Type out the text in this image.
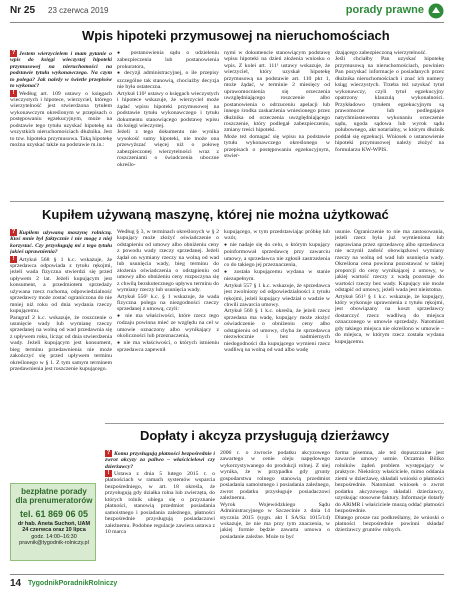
Nr 25 23 czerwca 2019	porady prawne
Wpis hipoteki przymusowej na nieruchomościach

? Jestem wierzycielem i mam pytanie o wpis do księgi wieczystej hipoteki przymusowej na nieruchomości na podstawie tytułu wykonawczego. Na czym to polega? Jak należy w świetle przepisów to wykonać?

! Według art. 109 ustawy o księgach wieczystych i hipotece, wierzyciel, którego wierzytelność jest stwierdzona tytułem wykonawczym określonym w przepisach o postępowaniu egzekucyjnym, może na podstawie tego tytułu uzyskać hipotekę na wszystkich nieruchomościach dłużnika. Jest to tzw. hipoteka przymusowa. Taką hipotekę można uzyskać także na podstawie m.in.:

● postanowienia sądu o udzieleniu zabezpieczenia lub postanowienia prokuratora,

● decyzji administracyjnej, o ile przepisy szczególne tak stanowią, chociażby decyzja nie była ostateczna.

Artykuł 110¹ ustawy o księgach wieczystych i hipotece wskazuje, że wierzyciel może żądać wpisu hipoteki przymusowej na podstawie tytułu wykonawczego i tytułu dokumentu stanowiącego podstawę wpisu do księgi wieczystej.

Jeżeli z tego dokumentu nie wynika wysokość sumy hipoteki, nie może ona przewyższać więcej niż o połowę zabezpieczonej wierzytelności wraz z roszczeniami o świadczenia uboczne określo-

nymi w dokumencie stanowiącym podstawę wpisu hipoteki na dzień złożenia wniosku o wpis. Z kolei art. 111¹ ustawy wskazuje, że wierzyciel, który uzyskał hipotekę przymusową na podstawie art. 110 pkt 1, może żądać, w terminie 2 miesięcy od uprawomocnienia się orzeczenia uwzględniającego roszczenie albo postanowienia o odrzuceniu apelacji lub innego środka zaskarżenia wniesionego przez dłużnika od orzeczenia uwzględniającego roszczenie, który podlegał zabezpieczeniu, zmiany treści hipoteki.

Może też domagać się wpisu na podstawie tytułu wykonawczego określonego w przepisach o postępowaniu egzekucyjnym, stwier-

dzającego zabezpieczoną wierzytelność.

Jeśli chciałby Pan uzyskać hipotekę przymusową na nieruchomościach, powinien Pan pozyskać informacje o posiadanych przez dłużnika nieruchomościach i znać ich numery ksiąg wieczystych. Trzeba też uzyskać tytuł wykonawczy, czyli tytuł egzekucyjny opatrzony klauzulą wykonalności. Przykładowo tytułem egzekucyjnym są prawomocne lub podlegające natychmiastowemu wykonaniu orzeczenie sądu, ugoda sądowa lub wyrok sądu polubownego, akt notarialny, w którym dłużnik poddał się egzekucji. Wniosek o ustanowienie hipoteki przymusowej należy złożyć na formularzu KW-WPIS.

Kupiłem używaną maszynę, której nie można użytkować

? Kupiłem używaną maszynę rolniczą. Ktoś mnie był faktycznie i nie mogę z niej korzystać. Czy przysługują mi z tego tytułu jakieś uprawnienia?

! Artykuł 568 § 1 k.c. wskazuje, że sprzedawca odpowiada z tytułu rękojmi, jeżeli wada fizyczna stwierdzi się przed upływem 2 lat. Jeżeli kupującym jest konsument, a przedmiotem sprzedaży używana rzecz ruchoma, odpowiedzialność sprzedawcy może zostać ograniczona do nie mniej niż roku od dnia wydania rzeczy kupującemu.

Paragraf 2 k.c. wskazuje, że roszczenie o usunięcie wady lub wymianę rzeczy sprzedanej na wolną od wad przedawnia się z upływem roku, licząc od dnia stwierdzenia wady. Jeżeli kupującym jest konsument, bieg terminu przedawnienia nie może zakończyć się przed upływem terminu określonego w § 1. Z tym samym terminem przedawnienia jest roszczenie kupującego.

Według § 3, w terminach określonych w § 2 kupujący może złożyć oświadczenie o odstąpieniu od umowy albo obniżeniu ceny z powodu wady rzeczy sprzedanej. Jeżeli żądał on wymiany rzeczy na wolną od wad lub usunięcia wady, bieg terminu do złożenia oświadczenia o odstąpieniu od umowy albo obniżeniu ceny rozpoczyna się z chwilą bezskutecznego upływu terminu do wymiany rzeczy lub usunięcia wady.

Artykuł 556¹ k.c. § 1 wskazuje, że wada fizyczna polega na niezgodności rzeczy sprzedanej z umową, czyli:

● nie ma właściwości, które rzecz tego rodzaju powinna mieć ze względu na cel w umowie oznaczony albo wynikający z okoliczności lub przeznaczenia,

● nie ma właściwości, o których istnieniu sprzedawca zapewnił

kupującego, w tym przedstawiając próbkę lub wzór,

● nie nadaje się do celu, o którym kupujący poinformował sprzedawcę przy zawarciu umowy, a sprzedawca nie zgłosił zastrzeżenia co do takiego jej przeznaczenia,

● została kupującemu wydana w stanie niezupełnym.

Artykuł 557 § 1 k.c. wskazuje, że sprzedawca jest zwolniony od odpowiedzialności z tytułu rękojmi, jeżeli kupujący wiedział o wadzie w chwili zawarcia umowy.

Artykuł 560 § 1 k.c. określa, że jeżeli rzecz sprzedana ma wadę, kupujący może złożyć oświadczenie o obniżeniu ceny albo odstąpieniu od umowy, chyba że sprzedawca niezwłocznie i bez nadmiernych niedogodności dla kupującego wymieni rzecz wadliwą na wolną od wad albo wadę

usunie. Ograniczenie to nie ma zastosowania, jeżeli rzecz była już wymieniona lub naprawiana przez sprzedawcę albo sprzedawca nie uczynił zadość obowiązkowi wymiany rzeczy na wolną od wad lub usunięcia wady. Określona cena powinna pozostawać w takiej proporcji do ceny wynikającej z umowy, w jakiej wartość rzeczy z wadą pozostaje do wartości rzeczy bez wady. Kupujący nie może odstąpić od umowy, jeżeli wada jest nieistotna.

Artykuł 561² § 1 k.c. wskazuje, że kupujący, który wykonuje uprawnienia z tytułu rękojmi, jest obowiązany na koszt sprzedawcy dostarczyć rzecz wadliwą do miejsca oznaczonego w umowie sprzedaży. Natomiast gdy takiego miejsca nie określono w umowie – do miejsca, w którym rzecz została wydana kupującemu.

Dopłaty i akcyza przysługują dzierżawcy

? Komu przysługują płatności bezpośrednie i zwrot akcyzy za paliwo – właścicielowi czy dzierżawcy?

! Ustawa z dnia 5 lutego 2015 r. o płatnościach w ramach systemów wsparcia bezpośredniego, w art. 18 określa, że przysługują gdy działka rolna lub zwierzęta, do których rolnik ubiega się o przyznanie płatności, stanowią przedmiot posiadania samoistnego i posiadania zależnego, płatności bezpośrednie przysługują posiadaczowi zależnemu. Podobne regulacje zawiera ustawa z 10 marca

2006 r. o zwrocie podatku akcyzowego zawartego w cenie oleju napędowego wykorzystywanego do produkcji rolnej. Z niej wynika, że w przypadku gdy grunty gospodarstwa rolnego stanowią przedmiot posiadania samoistnego i posiadania zależnego, zwrot podatku przysługuje posiadaczowi zależnemu.

Wyrok Wojewódzkiego Sądu Administracyjnego w Szczecinie z dnia 14 stycznia 2015 (sygn. akt I SA/Sz 1015/14) wskazuje, że nie ma przy tym znaczenia, w jakiej formie będzie zawarta umowa o posiadanie zależne. Może to być

forma pisemna, ale też dopuszczalne jest zawarcie umowy ustnie. Oczatnio Biliko rolników żądeń problem występujący w praktyce. Niektórzy właściciele, mimo oddania ziemi w dzierżawę, składali wnioski o płatności bezpośrednie. Natomiast wniosek o zwrot podatku akcyzowego składali dzierżawcy, uzyskując stosowne faktury. Informacje dotarły do ARiMR i właściciele muszą oddać płatności bezpośrednie.

Dlatego prosze raz podkreślamy, że wnioski o płatności bezpośrednie powinni składać dzierżawcy gruntów rolnych.

bezpłatne porady dla prenumeratorów
tel. 61 869 06 05
dr hab. Aneta Suchoń, UAM
24 czerwca oraz 10 lipca
godz. 14:00–16:30
pravnik@tygodnik-rolniczy.pl
14 TygodnikPoradnikRolniczy
